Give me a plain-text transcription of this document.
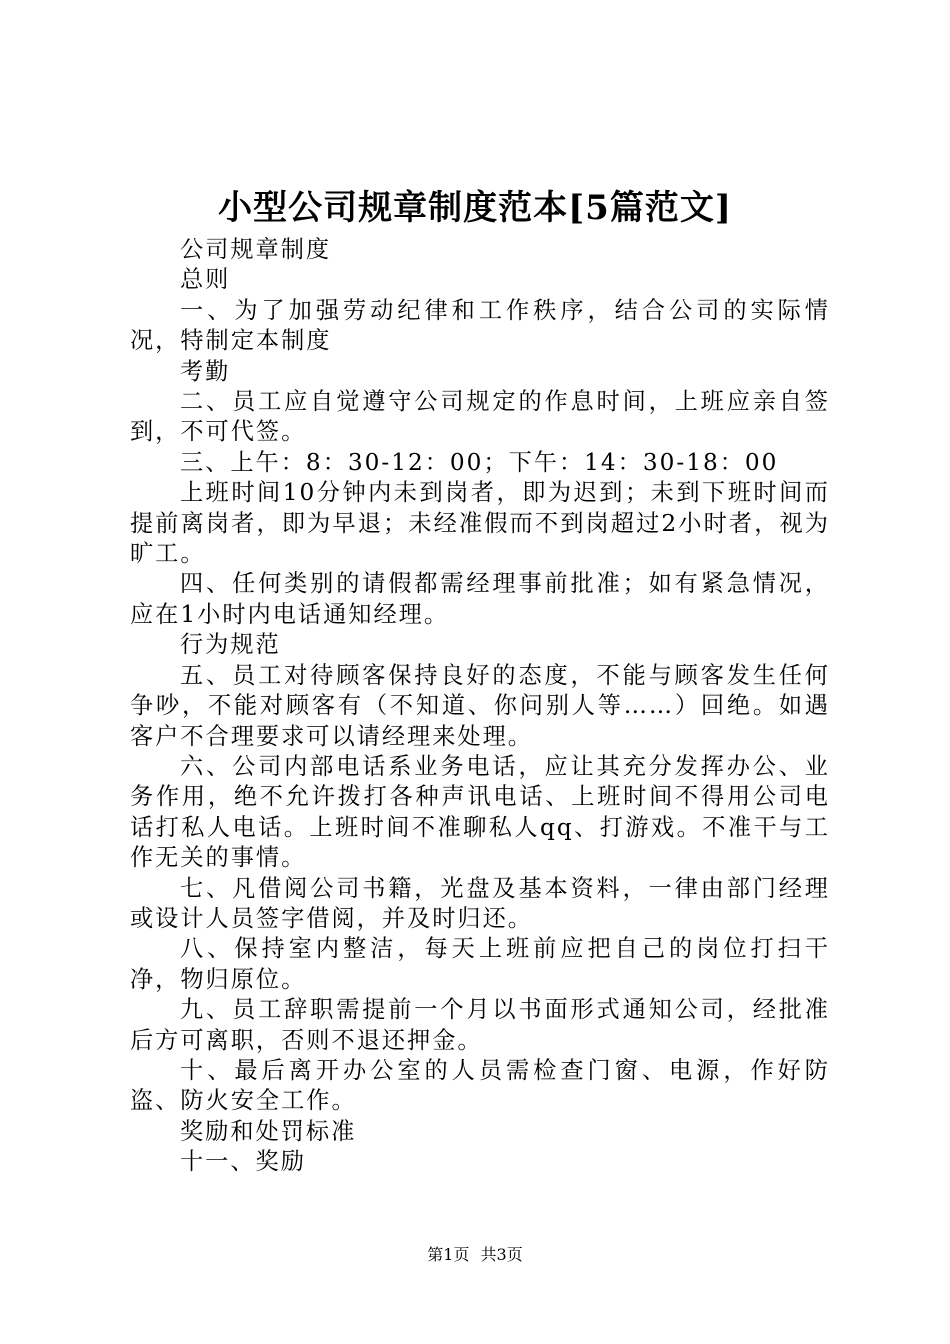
小型公司规章制度范本[5篇范文]

公司规章制度

总则

一、为了加强劳动纪律和工作秩序，结合公司的实际情况，特制定本制度

考勤

二、员工应自觉遵守公司规定的作息时间，上班应亲自签到，不可代签。

三、上午：8：30-12：00；下午：14：30-18：00

上班时间10分钟内未到岗者，即为迟到；未到下班时间而提前离岗者，即为早退；未经准假而不到岗超过2小时者，视为旷工。

四、任何类别的请假都需经理事前批准；如有紧急情况，应在1小时内电话通知经理。

行为规范

五、员工对待顾客保持良好的态度，不能与顾客发生任何争吵，不能对顾客有（不知道、你问别人等……）回绝。如遇客户不合理要求可以请经理来处理。

六、公司内部电话系业务电话，应让其充分发挥办公、业务作用，绝不允许拨打各种声讯电话、上班时间不得用公司电话打私人电话。上班时间不准聊私人qq、打游戏。不准干与工作无关的事情。

七、凡借阅公司书籍，光盘及基本资料，一律由部门经理或设计人员签字借阅，并及时归还。

八、保持室内整洁，每天上班前应把自己的岗位打扫干净，物归原位。

九、员工辞职需提前一个月以书面形式通知公司，经批准后方可离职，否则不退还押金。

十、最后离开办公室的人员需检查门窗、电源，作好防盗、防火安全工作。

奖励和处罚标准

十一、奖励

第1页 共3页
